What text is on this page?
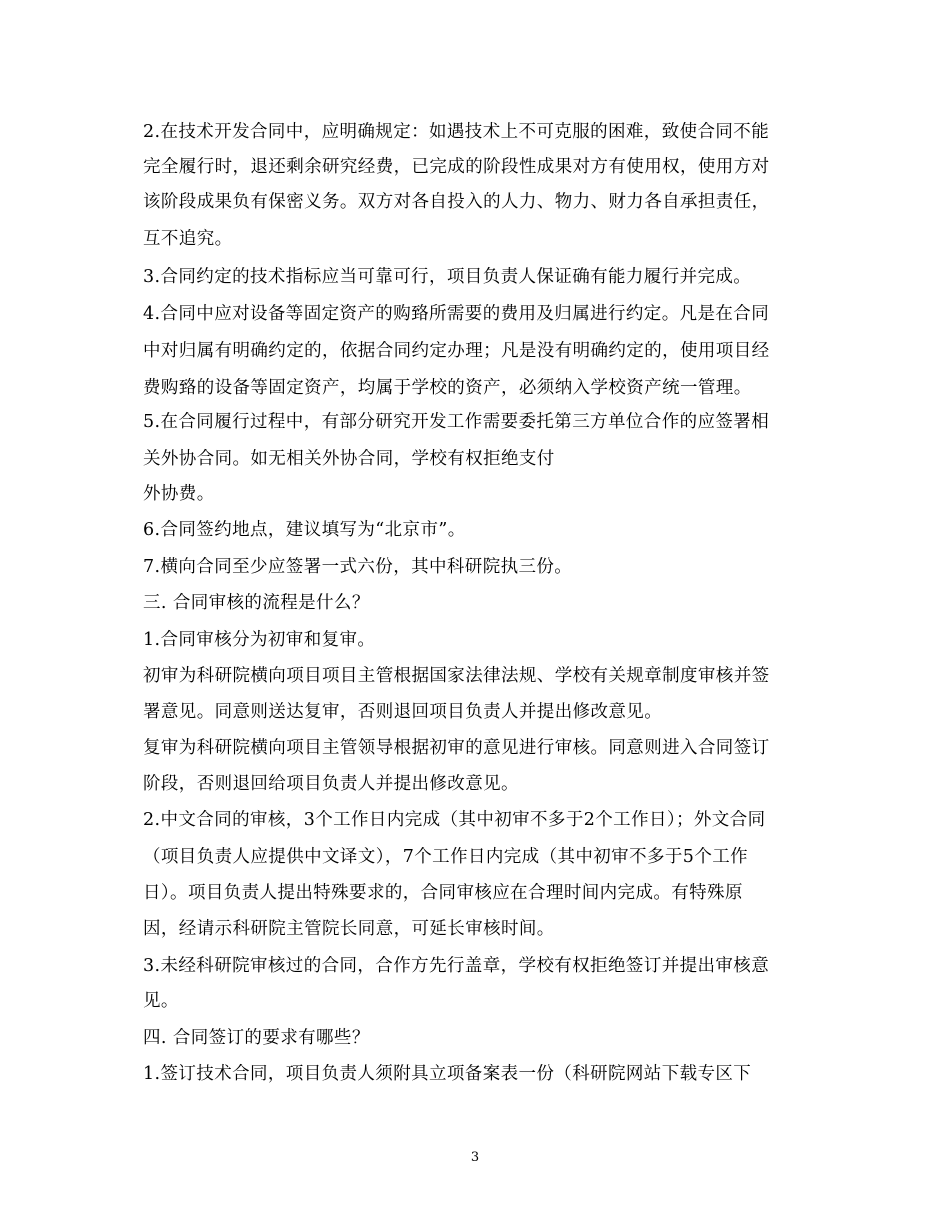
2.在技术开发合同中，应明确规定：如遇技术上不可克服的困难，致使合同不能
完全履行时，退还剩余研究经费，已完成的阶段性成果对方有使用权，使用方对
该阶段成果负有保密义务。双方对各自投入的人力、物力、财力各自承担责任，
互不追究。
3.合同约定的技术指标应当可靠可行，项目负责人保证确有能力履行并完成。
4.合同中应对设备等固定资产的购臵所需要的费用及归属进行约定。凡是在合同
中对归属有明确约定的，依据合同约定办理；凡是没有明确约定的，使用项目经
费购臵的设备等固定资产，均属于学校的资产，必须纳入学校资产统一管理。
5.在合同履行过程中，有部分研究开发工作需要委托第三方单位合作的应签署相
关外协合同。如无相关外协合同，学校有权拒绝支付
外协费。
6.合同签约地点，建议填写为“北京市”。
7.横向合同至少应签署一式六份，其中科研院执三份。
三. 合同审核的流程是什么？
1.合同审核分为初审和复审。
初审为科研院横向项目项目主管根据国家法律法规、学校有关规章制度审核并签
署意见。同意则送达复审，否则退回项目负责人并提出修改意见。
复审为科研院横向项目主管领导根据初审的意见进行审核。同意则进入合同签订
阶段，否则退回给项目负责人并提出修改意见。
2.中文合同的审核，3个工作日内完成（其中初审不多于2个工作日）；外文合同
（项目负责人应提供中文译文），7个工作日内完成（其中初审不多于5个工作
日）。项目负责人提出特殊要求的，合同审核应在合理时间内完成。有特殊原
因，经请示科研院主管院长同意，可延长审核时间。
3.未经科研院审核过的合同，合作方先行盖章，学校有权拒绝签订并提出审核意
见。
四. 合同签订的要求有哪些？
1.签订技术合同，项目负责人须附具立项备案表一份（科研院网站下载专区下
3
